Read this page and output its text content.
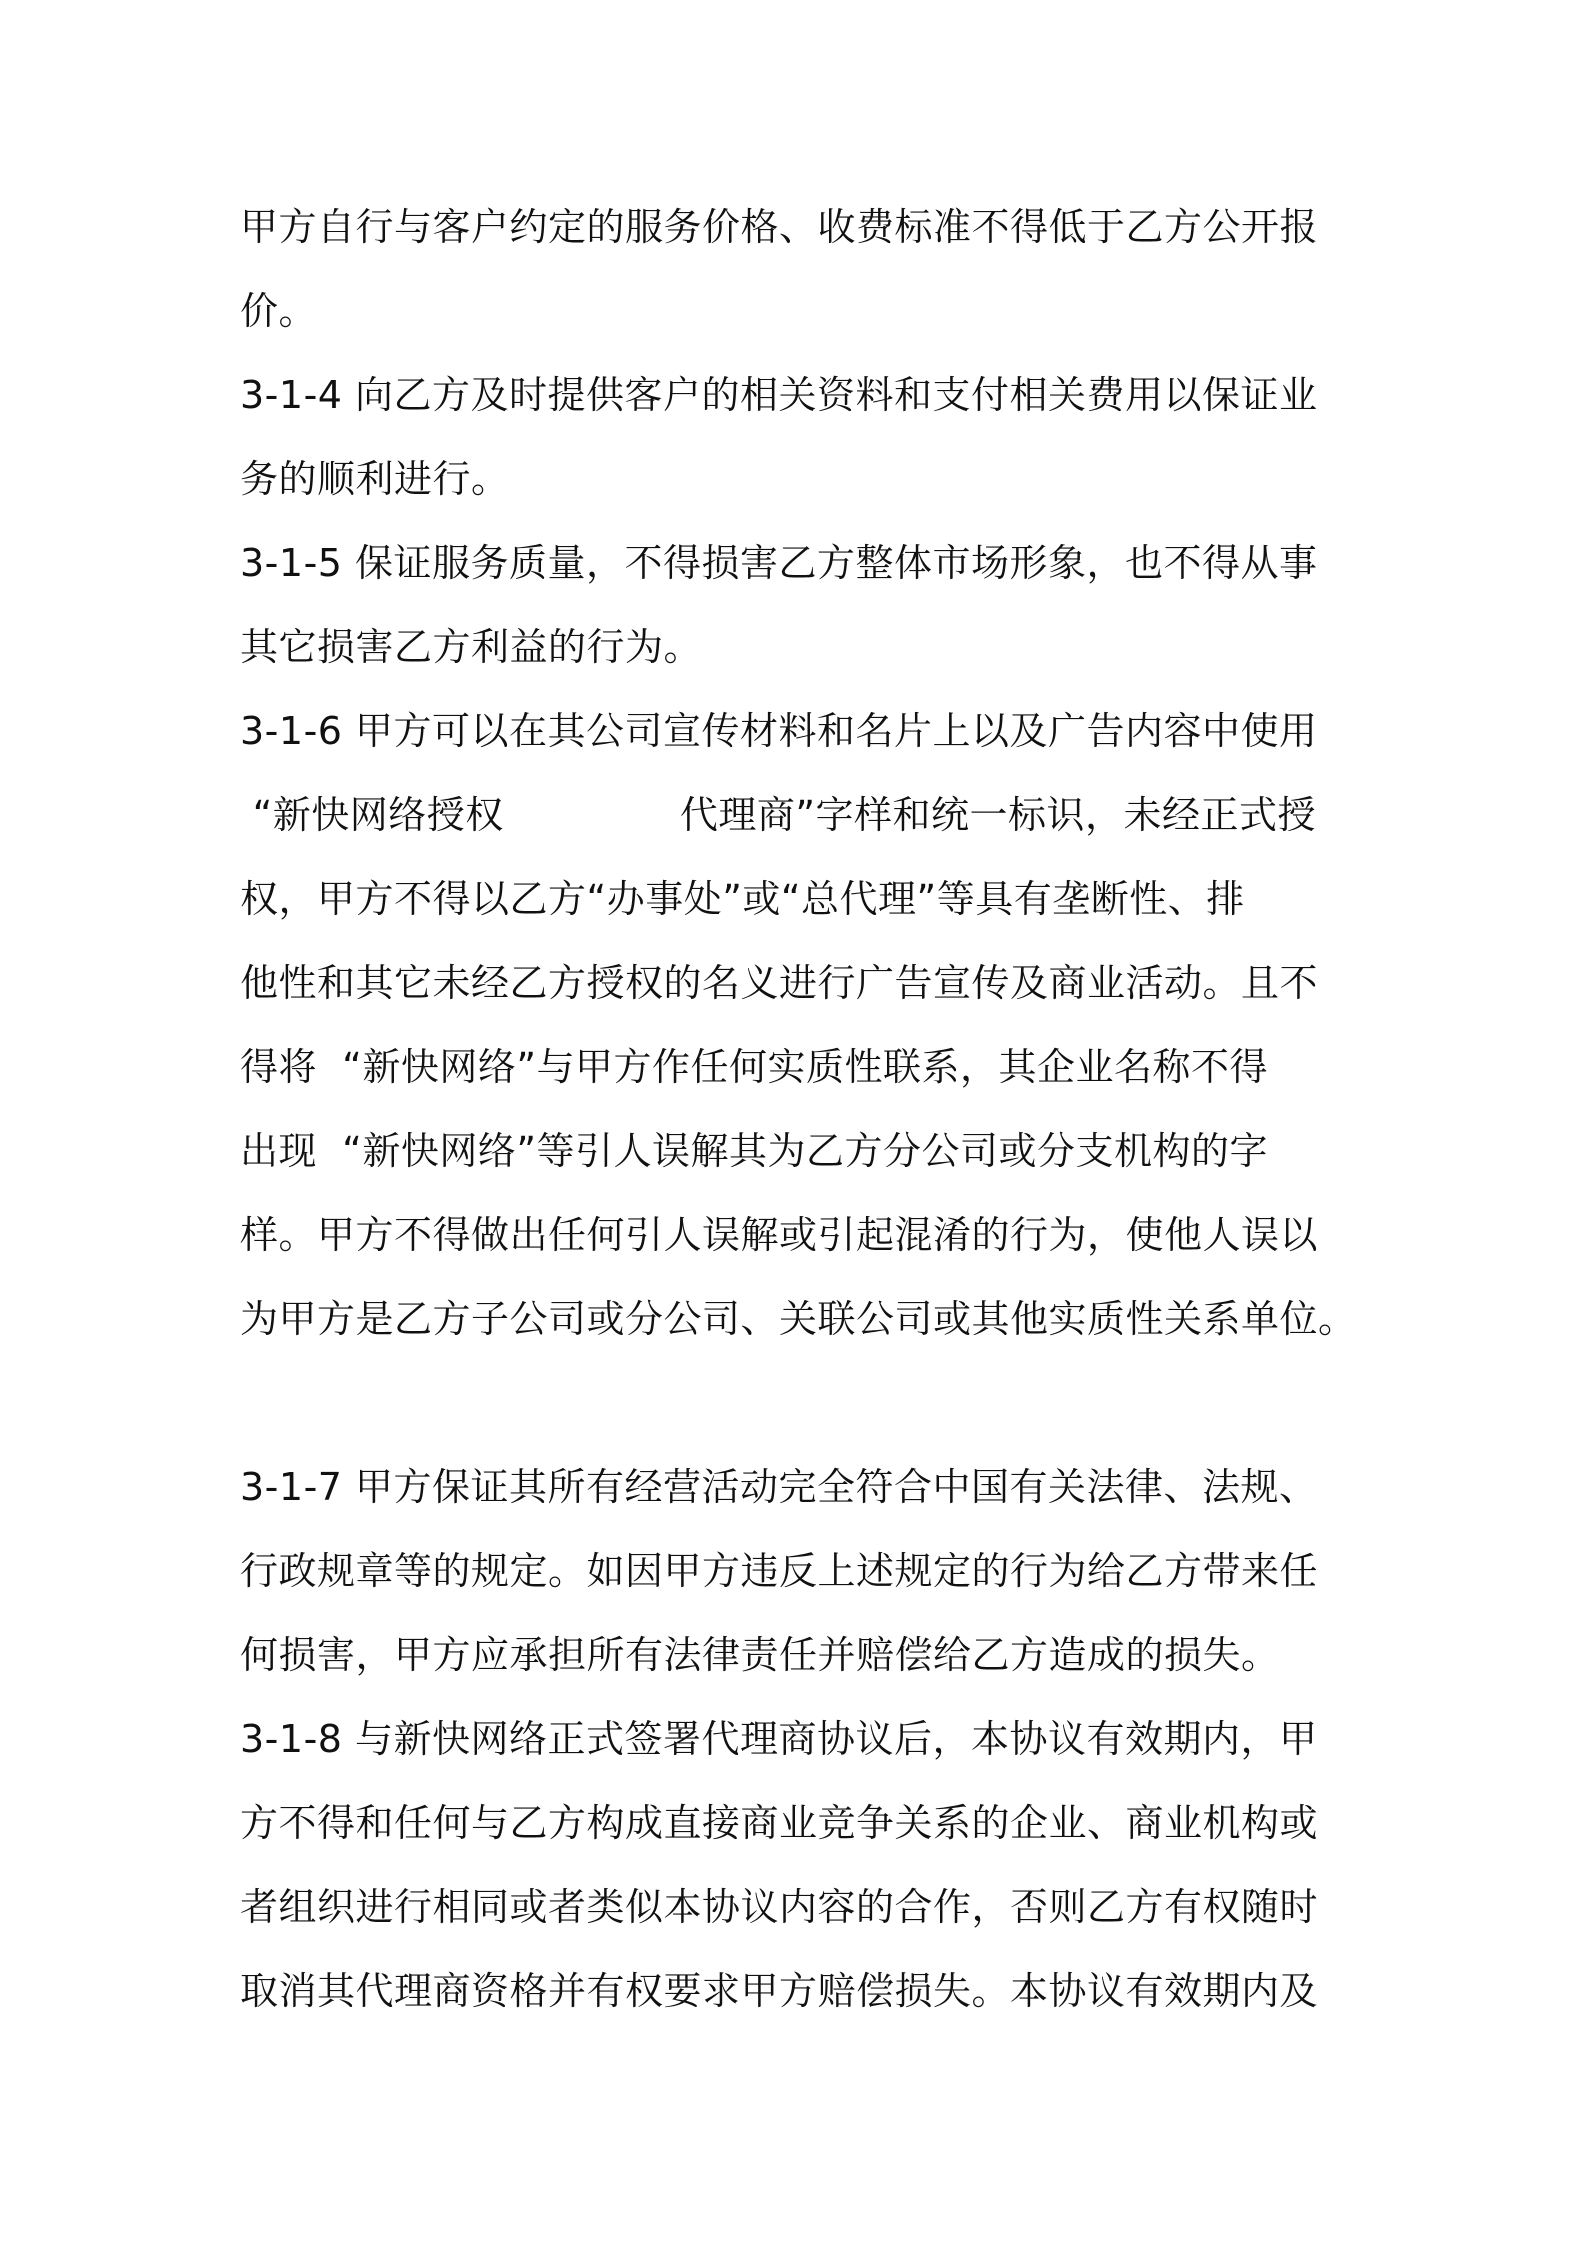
甲方自行与客户约定的服务价格、收费标准不得低于乙方公开报

价。

3-1-4 向乙方及时提供客户的相关资料和支付相关费用以保证业

务的顺利进行。

3-1-5 保证服务质量，不得损害乙方整体市场形象，也不得从事

其它损害乙方利益的行为。

3-1-6 甲方可以在其公司宣传材料和名片上以及广告内容中使用

“新快网络授权              代理商”字样和统一标识，未经正式授

权，甲方不得以乙方“办事处”或“总代理”等具有垄断性、排

他性和其它未经乙方授权的名义进行广告宣传及商业活动。且不

得将  “新快网络”与甲方作任何实质性联系，其企业名称不得

出现  “新快网络”等引人误解其为乙方分公司或分支机构的字

样。甲方不得做出任何引人误解或引起混淆的行为，使他人误以

为甲方是乙方子公司或分公司、关联公司或其他实质性关系单位。

3-1-7 甲方保证其所有经营活动完全符合中国有关法律、法规、

行政规章等的规定。如因甲方违反上述规定的行为给乙方带来任

何损害，甲方应承担所有法律责任并赔偿给乙方造成的损失。

3-1-8 与新快网络正式签署代理商协议后，本协议有效期内，甲

方不得和任何与乙方构成直接商业竞争关系的企业、商业机构或

者组织进行相同或者类似本协议内容的合作，否则乙方有权随时

取消其代理商资格并有权要求甲方赔偿损失。本协议有效期内及
